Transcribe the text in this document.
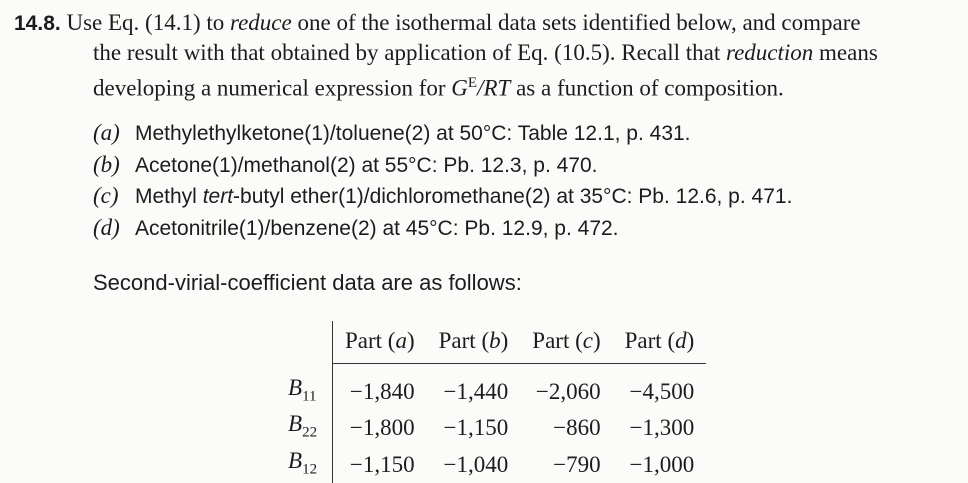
14.8. Use Eq. (14.1) to reduce one of the isothermal data sets identified below, and compare
the result with that obtained by application of Eq. (10.5). Recall that reduction means
developing a numerical expression for $G^E/RT$ as a function of composition.
(a) Methylethylketone(1)/toluene(2) at 50°C: Table 12.1, p. 431.
(b) Acetone(1)/methanol(2) at 55°C: Pb. 12.3, p. 470.
(c) Methyl tert-butyl ether(1)/dichloromethane(2) at 35°C: Pb. 12.6, p. 471.
(d) Acetonitrile(1)/benzene(2) at 45°C: Pb. 12.9, p. 472.
Second-virial-coefficient data are as follows:
	Part (a)	Part (b)	Part (c)	Part (d)
$B_{11}$	−1,840	−1,440	−2,060	−4,500
$B_{22}$	−1,800	−1,150	−860	−1,300
$B_{12}$	−1,150	−1,040	−790	−1,000
